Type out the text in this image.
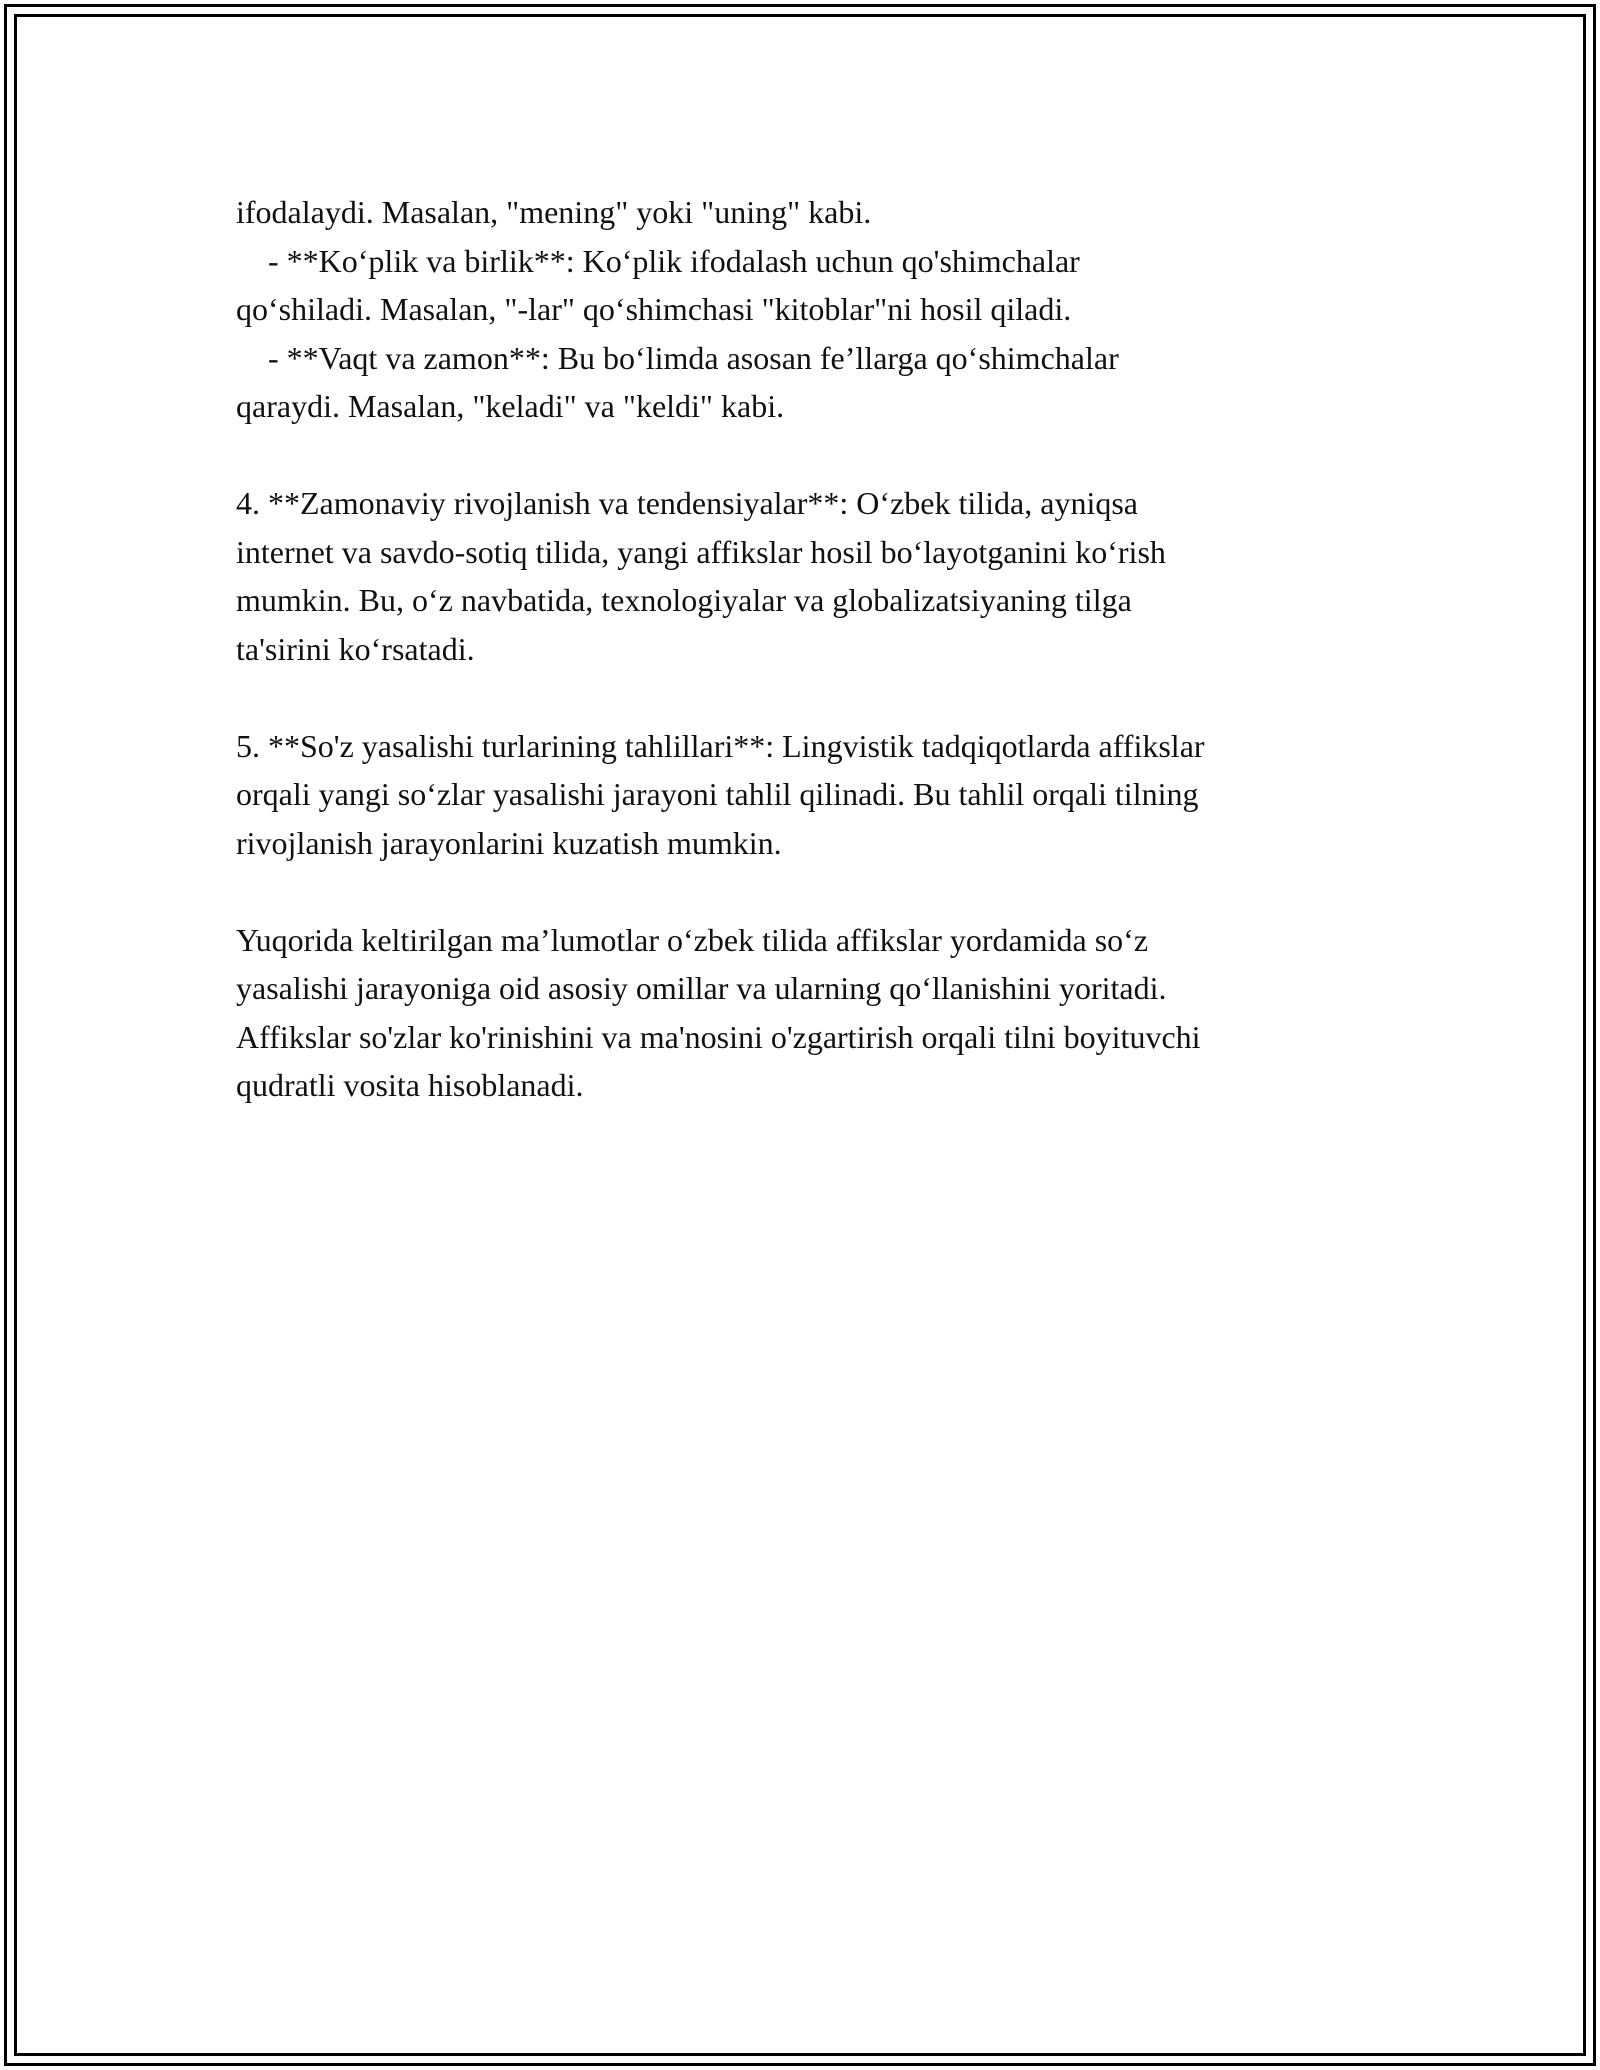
ifodalaydi. Masalan, "mening" yoki "uning" kabi.
- **Ko‘plik va birlik**: Ko‘plik ifodalash uchun qo'shimchalar
qo‘shiladi. Masalan, "-lar" qo‘shimchasi "kitoblar"ni hosil qiladi.
- **Vaqt va zamon**: Bu bo‘limda asosan fe’llarga qo‘shimchalar
qaraydi. Masalan, "keladi" va "keldi" kabi.
4. **Zamonaviy rivojlanish va tendensiyalar**: O‘zbek tilida, ayniqsa
internet va savdo-sotiq tilida, yangi affikslar hosil bo‘layotganini ko‘rish
mumkin. Bu, o‘z navbatida, texnologiyalar va globalizatsiyaning tilga
ta'sirini ko‘rsatadi.
5. **So'z yasalishi turlarining tahlillari**: Lingvistik tadqiqotlarda affikslar
orqali yangi so‘zlar yasalishi jarayoni tahlil qilinadi. Bu tahlil orqali tilning
rivojlanish jarayonlarini kuzatish mumkin.
Yuqorida keltirilgan ma’lumotlar o‘zbek tilida affikslar yordamida so‘z
yasalishi jarayoniga oid asosiy omillar va ularning qo‘llanishini yoritadi.
Affikslar so'zlar ko'rinishini va ma'nosini o'zgartirish orqali tilni boyituvchi
qudratli vosita hisoblanadi.
